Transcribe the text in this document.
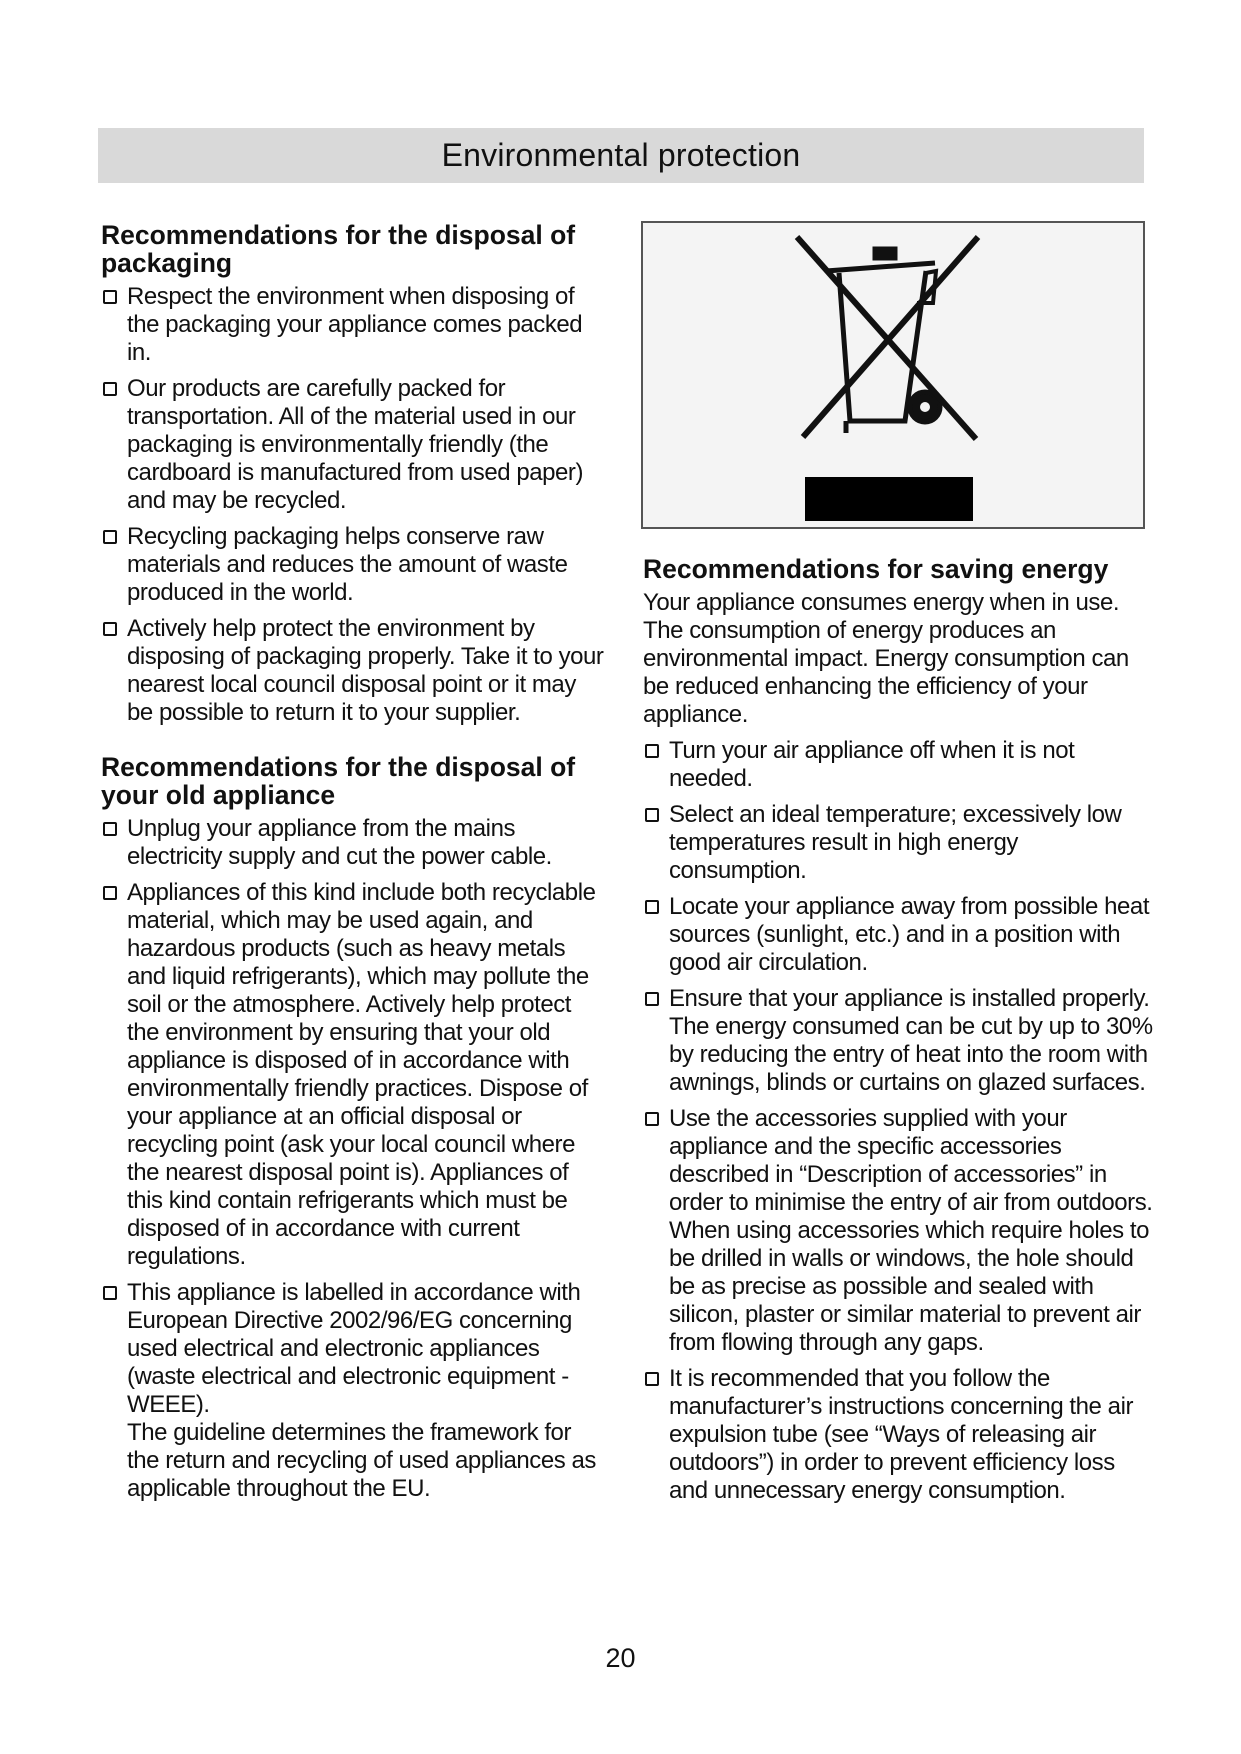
Environmental protection
Recommendations for the disposal of packaging
Respect the environment when disposing of the packaging your appliance comes packed in.
Our products are carefully packed for transportation. All of the material used in our packaging is environmentally friendly (the cardboard is manufactured from used paper) and may be recycled.
Recycling packaging helps conserve raw materials and reduces the amount of waste produced in the world.
Actively help protect the environment by disposing of packaging properly. Take it to your nearest local council disposal point or it may be possible to return it to your supplier.
Recommendations for the disposal of your old appliance
Unplug your appliance from the mains electricity supply and cut the power cable.
Appliances of this kind include both recyclable material, which may be used again, and hazardous products (such as heavy metals and liquid refrigerants), which may pollute the soil or the atmosphere. Actively help protect the environment by ensuring that your old appliance is disposed of in accordance with environmentally friendly practices. Dispose of your appliance at an official disposal or recycling point (ask your local council where the nearest disposal point is). Appliances of this kind contain refrigerants which must be disposed of in accordance with current regulations.
This appliance is labelled in accordance with European Directive 2002/96/EG concerning used electrical and electronic appliances (waste electrical and electronic equipment - WEEE).
The guideline determines the framework for the return and recycling of used appliances as applicable throughout the EU.
Recommendations for saving energy

Your appliance consumes energy when in use. The consumption of energy produces an environmental impact. Energy consumption can be reduced enhancing the efficiency of your appliance.

Turn your air appliance off when it is not needed.
Select an ideal temperature; excessively low temperatures result in high energy consumption.
Locate your appliance away from possible heat sources (sunlight, etc.) and in a position with good air circulation.
Ensure that your appliance is installed properly. The energy consumed can be cut by up to 30% by reducing the entry of heat into the room with awnings, blinds or curtains on glazed surfaces.
Use the accessories supplied with your appliance and the specific accessories described in “Description of accessories” in order to minimise the entry of air from outdoors. When using accessories which require holes to be drilled in walls or windows, the hole should be as precise as possible and sealed with silicon, plaster or similar material to prevent air from flowing through any gaps.
It is recommended that you follow the manufacturer’s instructions concerning the air expulsion tube (see “Ways of releasing air outdoors”) in order to prevent efficiency loss and unnecessary energy consumption.
20
